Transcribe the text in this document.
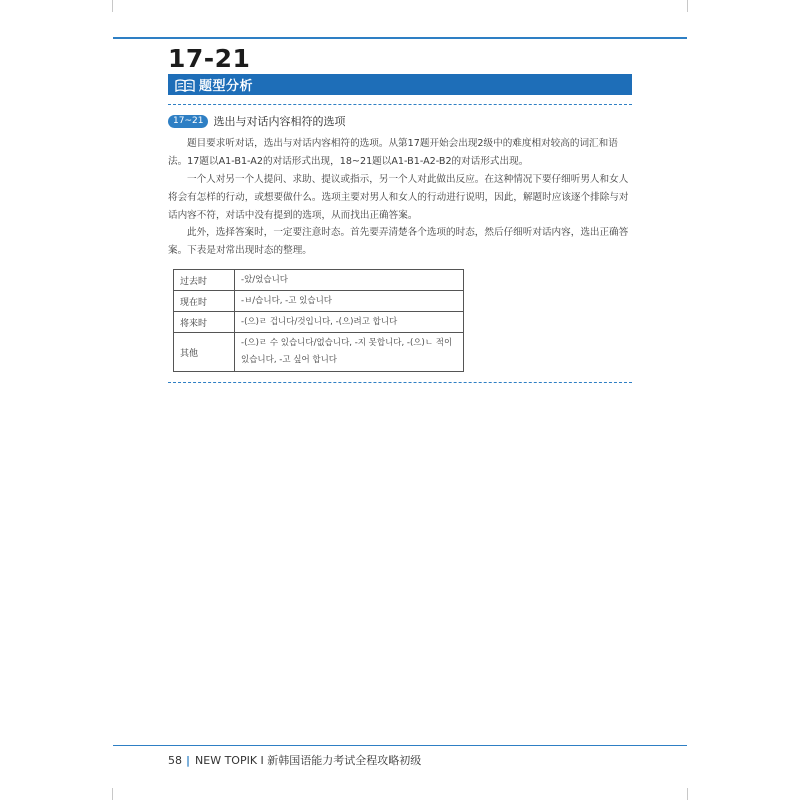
17-21
题型分析
17~21 选出与对话内容相符的选项

题目要求听对话，选出与对话内容相符的选项。从第17题开始会出现2级中的难度相对较高的词汇和语法。17题以A1-B1-A2的对话形式出现，18~21题以A1-B1-A2-B2的对话形式出现。

一个人对另一个人提问、求助、提议或指示，另一个人对此做出反应。在这种情况下要仔细听男人和女人将会有怎样的行动，或想要做什么。选项主要对男人和女人的行动进行说明，因此，解题时应该逐个排除与对话内容不符，对话中没有提到的选项，从而找出正确答案。

此外，选择答案时，一定要注意时态。首先要弄清楚各个选项的时态，然后仔细听对话内容，选出正确答案。下表是对常出现时态的整理。

过去时	-았/었습니다
现在时	-ㅂ/습니다, -고 있습니다
将来时	-(으)ㄹ 겁니다/것입니다, -(으)려고 합니다
其他	-(으)ㄹ 수 있습니다/없습니다, -지 못합니다, -(으)ㄴ 적이 있습니다, -고 싶어 합니다
58 | NEW TOPIK Ⅰ 新韩国语能力考试全程攻略初级
